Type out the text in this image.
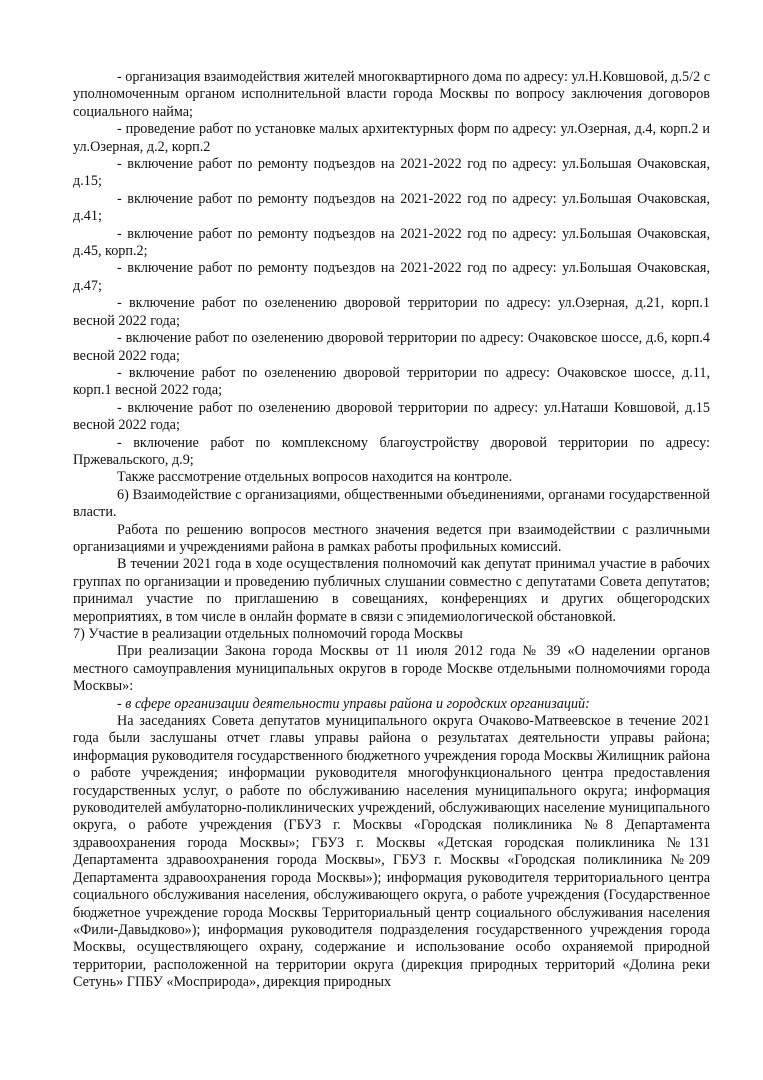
- организация взаимодействия жителей многоквартирного дома по адресу: ул.Н.Ковшовой, д.5/2 с уполномоченным органом исполнительной власти города Москвы по вопросу заключения договоров социального найма;

- проведение работ по установке малых архитектурных форм по адресу: ул.Озерная, д.4, корп.2 и ул.Озерная, д.2, корп.2

- включение работ по ремонту подъездов на 2021-2022 год по адресу: ул.Большая Очаковская, д.15;

- включение работ по ремонту подъездов на 2021-2022 год по адресу: ул.Большая Очаковская, д.41;

- включение работ по ремонту подъездов на 2021-2022 год по адресу: ул.Большая Очаковская, д.45, корп.2;

- включение работ по ремонту подъездов на 2021-2022 год по адресу: ул.Большая Очаковская, д.47;

- включение работ по озеленению дворовой территории по адресу: ул.Озерная, д.21, корп.1 весной 2022 года;

- включение работ по озеленению дворовой территории по адресу: Очаковское шоссе, д.6, корп.4 весной 2022 года;

- включение работ по озеленению дворовой территории по адресу: Очаковское шоссе, д.11, корп.1 весной 2022 года;

- включение работ по озеленению дворовой территории по адресу: ул.Наташи Ковшовой, д.15 весной 2022 года;

- включение работ по комплексному благоустройству дворовой территории по адресу: Пржевальского, д.9;

Также рассмотрение отдельных вопросов находится на контроле.

6) Взаимодействие с организациями, общественными объединениями, органами государственной власти.

Работа по решению вопросов местного значения ведется при взаимодействии с различными организациями и учреждениями района в рамках работы профильных комиссий.

В течении 2021 года в ходе осуществления полномочий как депутат принимал участие в рабочих группах по организации и проведению публичных слушании совместно с депутатами Совета депутатов; принимал участие по приглашению в совещаниях, конференциях и других общегородских мероприятиях, в том числе в онлайн формате в связи с эпидемиологической обстановкой.

7) Участие в реализации отдельных полномочий города Москвы

При реализации Закона города Москвы от 11 июля 2012 года № 39 «О наделении органов местного самоуправления муниципальных округов в городе Москве отдельными полномочиями города Москвы»:

- в сфере организации деятельности управы района и городских организаций:

На заседаниях Совета депутатов муниципального округа Очаково-Матвеевское в течение 2021 года были заслушаны отчет главы управы района о результатах деятельности управы района; информация руководителя государственного бюджетного учреждения города Москвы Жилищник района о работе учреждения; информации руководителя многофункционального центра предоставления государственных услуг, о работе по обслуживанию населения муниципального округа; информация руководителей амбулаторно-поликлинических учреждений, обслуживающих население муниципального округа, о работе учреждения (ГБУЗ г. Москвы «Городская поликлиника №8 Департамента здравоохранения города Москвы»; ГБУЗ г. Москвы «Детская городская поликлиника №131 Департамента здравоохранения города Москвы», ГБУЗ г. Москвы «Городская поликлиника №209 Департамента здравоохранения города Москвы»); информация руководителя территориального центра социального обслуживания населения, обслуживающего округа, о работе учреждения (Государственное бюджетное учреждение города Москвы Территориальный центр социального обслуживания населения «Фили-Давыдково»); информация руководителя подразделения государственного учреждения города Москвы, осуществляющего охрану, содержание и использование особо охраняемой природной территории, расположенной на территории округа (дирекция природных территорий «Долина реки Сетунь» ГПБУ «Мосприрода», дирекция природных
